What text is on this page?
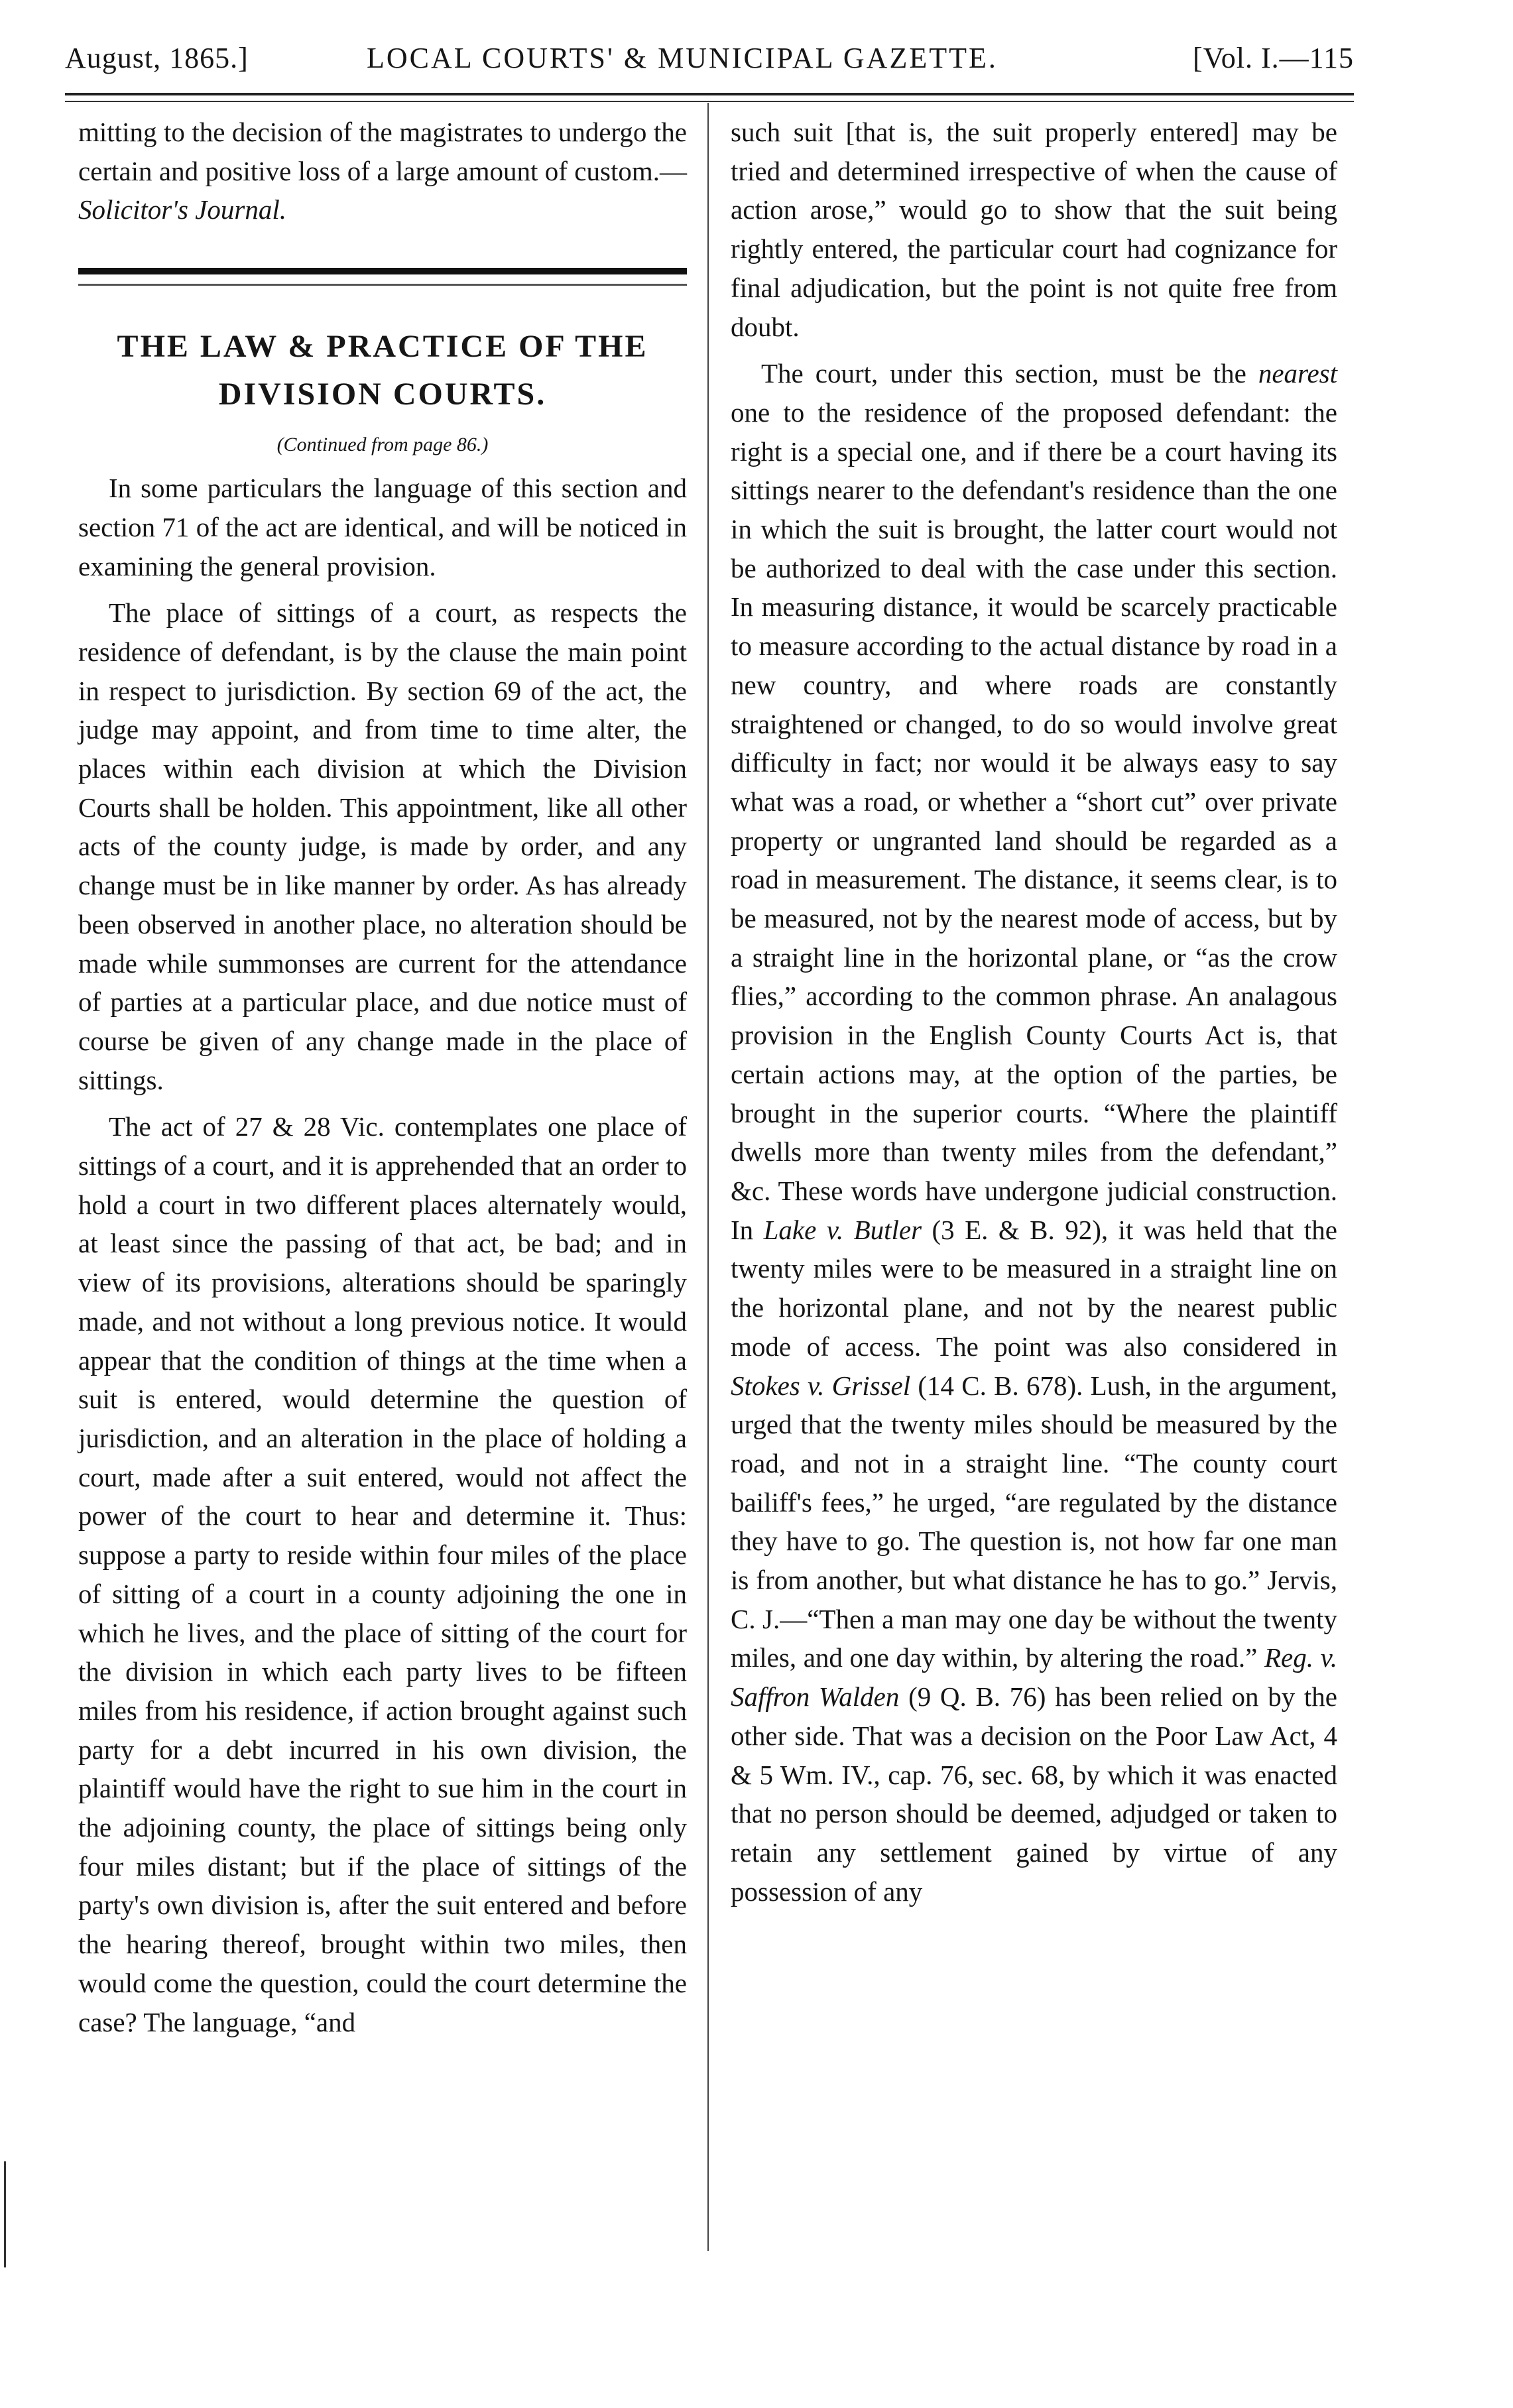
August, 1865.]	LOCAL COURTS' & MUNICIPAL GAZETTE.	[Vol. I.—115

mitting to the decision of the magistrates to undergo the certain and positive loss of a large amount of custom.—Solicitor's Journal.

THE LAW & PRACTICE OF THE DIVISION COURTS.
(Continued from page 86.)

In some particulars the language of this section and section 71 of the act are identical, and will be noticed in examining the general provision.

The place of sittings of a court, as respects the residence of defendant, is by the clause the main point in respect to jurisdiction. By section 69 of the act, the judge may appoint, and from time to time alter, the places within each division at which the Division Courts shall be holden. This appointment, like all other acts of the county judge, is made by order, and any change must be in like manner by order. As has already been observed in another place, no alteration should be made while summonses are current for the attendance of parties at a particular place, and due notice must of course be given of any change made in the place of sittings.

The act of 27 & 28 Vic. contemplates one place of sittings of a court, and it is apprehended that an order to hold a court in two different places alternately would, at least since the passing of that act, be bad; and in view of its provisions, alterations should be sparingly made, and not without a long previous notice. It would appear that the condition of things at the time when a suit is entered, would determine the question of jurisdiction, and an alteration in the place of holding a court, made after a suit entered, would not affect the power of the court to hear and determine it. Thus: suppose a party to reside within four miles of the place of sitting of a court in a county adjoining the one in which he lives, and the place of sitting of the court for the division in which each party lives to be fifteen miles from his residence, if action brought against such party for a debt incurred in his own division, the plaintiff would have the right to sue him in the court in the adjoining county, the place of sittings being only four miles distant; but if the place of sittings of the party's own division is, after the suit entered and before the hearing thereof, brought within two miles, then would come the question, could the court determine the case? The language, “and

such suit [that is, the suit properly entered] may be tried and determined irrespective of when the cause of action arose,” would go to show that the suit being rightly entered, the particular court had cognizance for final adjudication, but the point is not quite free from doubt.

The court, under this section, must be the nearest one to the residence of the proposed defendant: the right is a special one, and if there be a court having its sittings nearer to the defendant's residence than the one in which the suit is brought, the latter court would not be authorized to deal with the case under this section. In measuring distance, it would be scarcely practicable to measure according to the actual distance by road in a new country, and where roads are constantly straightened or changed, to do so would involve great difficulty in fact; nor would it be always easy to say what was a road, or whether a “short cut” over private property or ungranted land should be regarded as a road in measurement. The distance, it seems clear, is to be measured, not by the nearest mode of access, but by a straight line in the horizontal plane, or “as the crow flies,” according to the common phrase. An analagous provision in the English County Courts Act is, that certain actions may, at the option of the parties, be brought in the superior courts. “Where the plaintiff dwells more than twenty miles from the defendant,” &c. These words have undergone judicial construction. In Lake v. Butler (3 E. & B. 92), it was held that the twenty miles were to be measured in a straight line on the horizontal plane, and not by the nearest public mode of access. The point was also considered in Stokes v. Grissel (14 C. B. 678). Lush, in the argument, urged that the twenty miles should be measured by the road, and not in a straight line. “The county court bailiff's fees,” he urged, “are regulated by the distance they have to go. The question is, not how far one man is from another, but what distance he has to go.” Jervis, C. J.—“Then a man may one day be without the twenty miles, and one day within, by altering the road.” Reg. v. Saffron Walden (9 Q. B. 76) has been relied on by the other side. That was a decision on the Poor Law Act, 4 & 5 Wm. IV., cap. 76, sec. 68, by which it was enacted that no person should be deemed, adjudged or taken to retain any settlement gained by virtue of any possession of any
